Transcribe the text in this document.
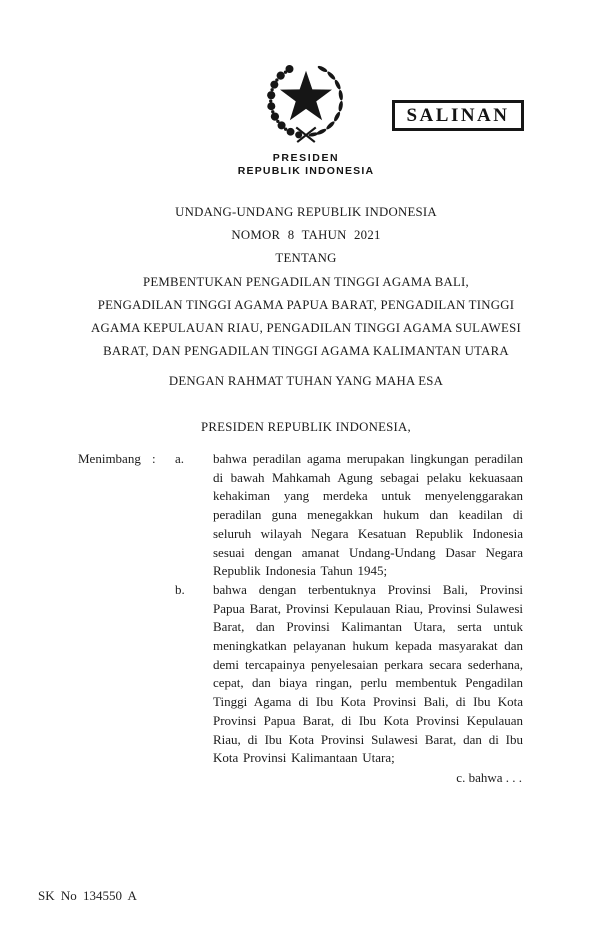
SALINAN
PRESIDEN
REPUBLIK INDONESIA
UNDANG-UNDANG REPUBLIK INDONESIA
NOMOR 8 TAHUN 2021
TENTANG
PEMBENTUKAN PENGADILAN TINGGI AGAMA BALI,
PENGADILAN TINGGI AGAMA PAPUA BARAT, PENGADILAN TINGGI
AGAMA KEPULAUAN RIAU, PENGADILAN TINGGI AGAMA SULAWESI
BARAT, DAN PENGADILAN TINGGI AGAMA KALIMANTAN UTARA
DENGAN RAHMAT TUHAN YANG MAHA ESA
PRESIDEN REPUBLIK INDONESIA,
Menimbang :	a.	bahwa peradilan agama merupakan lingkungan peradilan di bawah Mahkamah Agung sebagai pelaku kekuasaan kehakiman yang merdeka untuk menyelenggarakan peradilan guna menegakkan hukum dan keadilan di seluruh wilayah Negara Kesatuan Republik Indonesia sesuai dengan amanat Undang-Undang Dasar Negara Republik Indonesia Tahun 1945;
b.	bahwa dengan terbentuknya Provinsi Bali, Provinsi Papua Barat, Provinsi Kepulauan Riau, Provinsi Sulawesi Barat, dan Provinsi Kalimantan Utara, serta untuk meningkatkan pelayanan hukum kepada masyarakat dan demi tercapainya penyelesaian perkara secara sederhana, cepat, dan biaya ringan, perlu membentuk Pengadilan Tinggi Agama di Ibu Kota Provinsi Bali, di Ibu Kota Provinsi Papua Barat, di Ibu Kota Provinsi Kepulauan Riau, di Ibu Kota Provinsi Sulawesi Barat, dan di Ibu Kota Provinsi Kalimantaan Utara;
c. bahwa . . .
SK No 134550 A
